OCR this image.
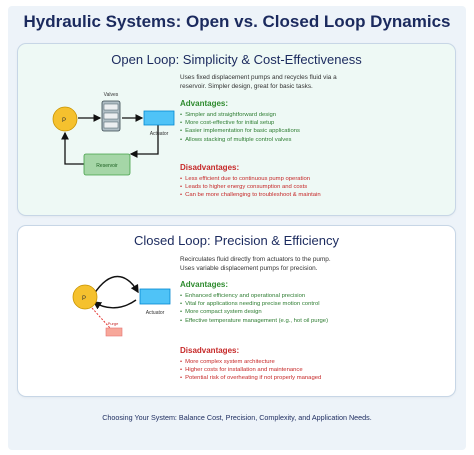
Hydraulic Systems: Open vs. Closed Loop Dynamics
Open Loop: Simplicity & Cost-Effectiveness
P
Valves
Actuator
Reservoir
Uses fixed displacement pumps and recycles fluid via a
reservoir. Simpler design, great for basic tasks.
Advantages:
• Simpler and straightforward design
• More cost-effective for initial setup
• Easier implementation for basic applications
• Allows stacking of multiple control valves
Disadvantages:
• Less efficient due to continuous pump operation
• Leads to higher energy consumption and costs
• Can be more challenging to troubleshoot & maintain
Closed Loop: Precision & Efficiency
P
Actuator
Purge
Recirculates fluid directly from actuators to the pump.
Uses variable displacement pumps for precision.
Advantages:
• Enhanced efficiency and operational precision
• Vital for applications needing precise motion control
• More compact system design
• Effective temperature management (e.g., hot oil purge)
Disadvantages:
• More complex system architecture
• Higher costs for installation and maintenance
• Potential risk of overheating if not properly managed
Choosing Your System: Balance Cost, Precision, Complexity, and Application Needs.
